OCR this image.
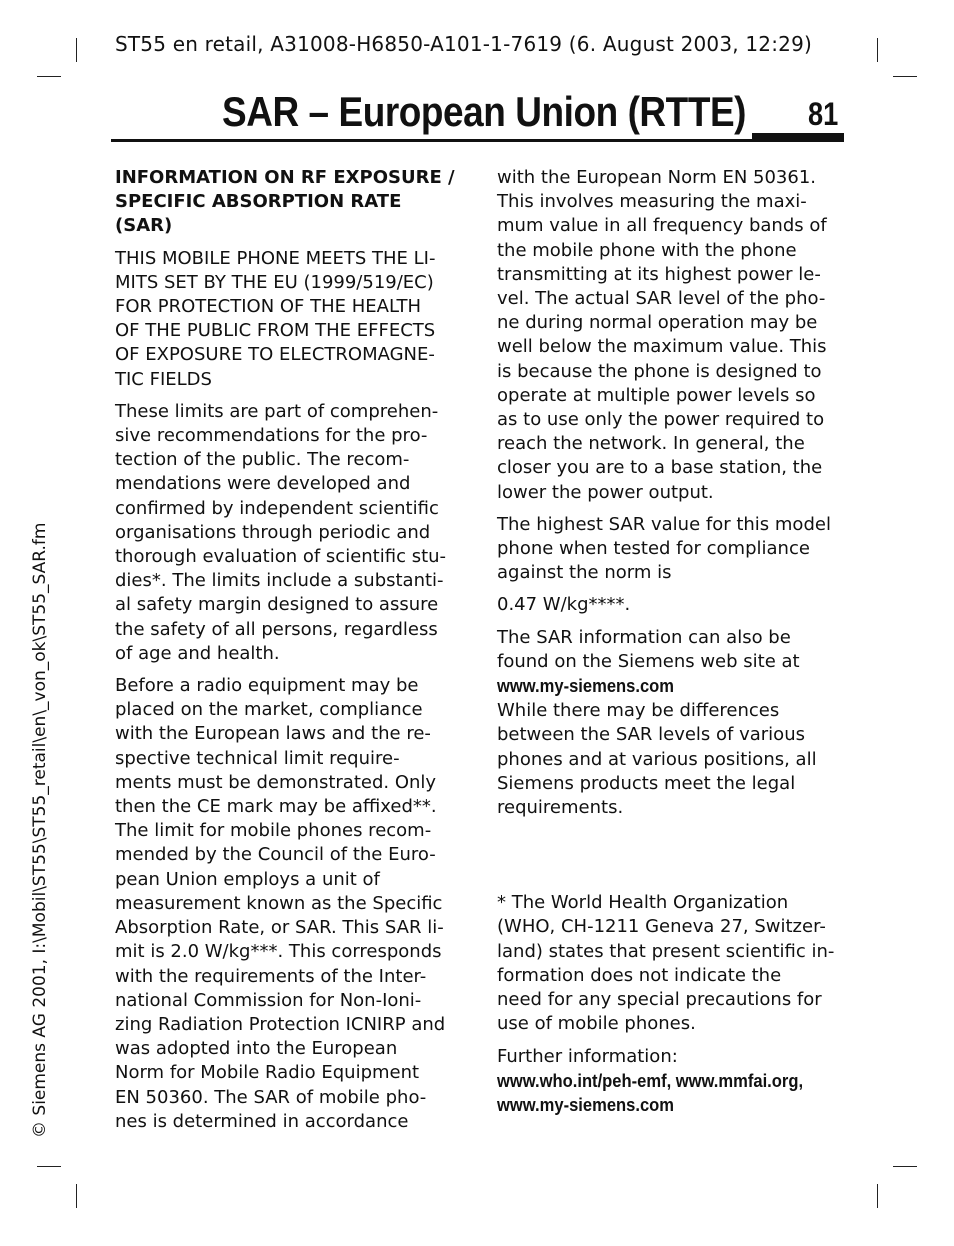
ST55 en retail, A31008-H6850-A101-1-7619 (6. August 2003, 12:29)
SAR – European Union (RTTE) 81
© Siemens AG 2001, I:\Mobil\ST55\ST55_retail\en\_von_ok\ST55_SAR.fm

INFORMATION ON RF EXPOSURE /
SPECIFIC ABSORPTION RATE (SAR)

THIS MOBILE PHONE MEETS THE LI-
MITS SET BY THE EU (1999/519/EC)
FOR PROTECTION OF THE HEALTH
OF THE PUBLIC FROM THE EFFECTS
OF EXPOSURE TO ELECTROMAGNE-
TIC FIELDS

These limits are part of comprehen-
sive recommendations for the pro-
tection of the public. The recom-
mendations were developed and
confirmed by independent scientific
organisations through periodic and
thorough evaluation of scientific stu-
dies*. The limits include a substanti-
al safety margin designed to assure
the safety of all persons, regardless
of age and health.

Before a radio equipment may be
placed on the market, compliance
with the European laws and the re-
spective technical limit require-
ments must be demonstrated. Only
then the CE mark may be affixed**.
The limit for mobile phones recom-
mended by the Council of the Euro-
pean Union employs a unit of
measurement known as the Specific
Absorption Rate, or SAR. This SAR li-
mit is 2.0 W/kg***. This corresponds
with the requirements of the Inter-
national Commission for Non-Ioni-
zing Radiation Protection ICNIRP and
was adopted into the European
Norm for Mobile Radio Equipment
EN 50360. The SAR of mobile pho-
nes is determined in accordance

with the European Norm EN 50361.
This involves measuring the maxi-
mum value in all frequency bands of
the mobile phone with the phone
transmitting at its highest power le-
vel. The actual SAR level of the pho-
ne during normal operation may be
well below the maximum value. This
is because the phone is designed to
operate at multiple power levels so
as to use only the power required to
reach the network. In general, the
closer you are to a base station, the
lower the power output.

The highest SAR value for this model
phone when tested for compliance
against the norm is

0.47 W/kg****.

The SAR information can also be
found on the Siemens web site at

www.my-siemens.com

While there may be differences
between the SAR levels of various
phones and at various positions, all
Siemens products meet the legal
requirements.

* The World Health Organization
(WHO, CH-1211 Geneva 27, Switzer-
land) states that present scientific in-
formation does not indicate the
need for any special precautions for
use of mobile phones.

Further information:

www.who.int/peh-emf, www.mmfai.org,
www.my-siemens.com
